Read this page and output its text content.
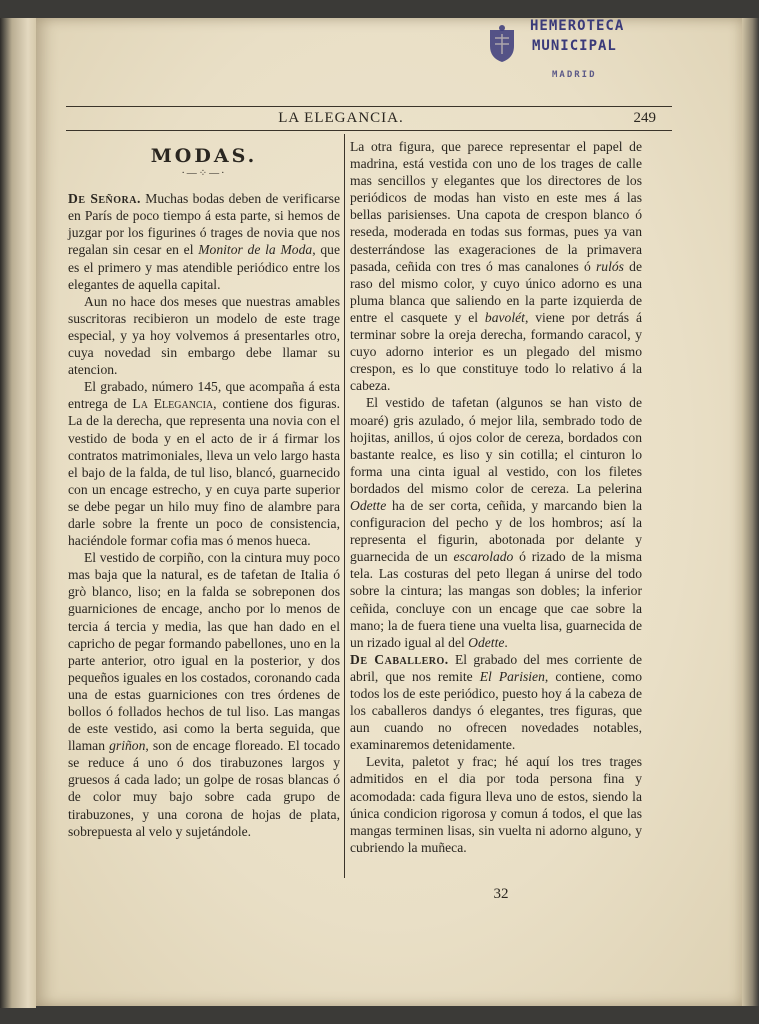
HEMEROTECA
MUNICIPAL
MADRID
LA ELEGANCIA.	249
MODAS.
·—⁘—·

De Señora. Muchas bodas deben de verificarse en París de poco tiempo á esta parte, si hemos de juzgar por los figurines ó trages de novia que nos regalan sin cesar en el Monitor de la Moda, que es el primero y mas atendible periódico entre los elegantes de aquella capital.

Aun no hace dos meses que nuestras amables suscritoras recibieron un modelo de este trage especial, y ya hoy volvemos á presentarles otro, cuya novedad sin embargo debe llamar su atencion.

El grabado, número 145, que acompaña á esta entrega de La Elegancia, contiene dos figuras. La de la derecha, que representa una novia con el vestido de boda y en el acto de ir á firmar los contratos matrimoniales, lleva un velo largo hasta el bajo de la falda, de tul liso, blancó, guarnecido con un encage estrecho, y en cuya parte superior se debe pegar un hilo muy fino de alambre para darle sobre la frente un poco de consistencia, haciéndole formar cofia mas ó menos hueca.

El vestido de corpiño, con la cintura muy poco mas baja que la natural, es de tafetan de Italia ó grò blanco, liso; en la falda se sobreponen dos guarniciones de encage, ancho por lo menos de tercia á tercia y media, las que han dado en el capricho de pegar formando pabellones, uno en la parte anterior, otro igual en la posterior, y dos pequeños iguales en los costados, coronando cada una de estas guarniciones con tres órdenes de bollos ó follados hechos de tul liso. Las mangas de este vestido, asi como la berta seguida, que llaman griñon, son de encage floreado. El tocado se reduce á uno ó dos tirabuzones largos y gruesos á cada lado; un golpe de rosas blancas ó de color muy bajo sobre cada grupo de tirabuzones, y una corona de hojas de plata, sobrepuesta al velo y sujetándole.

La otra figura, que parece representar el papel de madrina, está vestida con uno de los trages de calle mas sencillos y elegantes que los directores de los periódicos de modas han visto en este mes á las bellas parisienses. Una capota de crespon blanco ó reseda, moderada en todas sus formas, pues ya van desterrándose las exageraciones de la primavera pasada, ceñida con tres ó mas canalones ó rulós de raso del mismo color, y cuyo único adorno es una pluma blanca que saliendo en la parte izquierda de entre el casquete y el bavolét, viene por detrás á terminar sobre la oreja derecha, formando caracol, y cuyo adorno interior es un plegado del mismo crespon, es lo que constituye todo lo relativo á la cabeza.

El vestido de tafetan (algunos se han visto de moaré) gris azulado, ó mejor lila, sembrado todo de hojitas, anillos, ú ojos color de cereza, bordados con bastante realce, es liso y sin cotilla; el cinturon lo forma una cinta igual al vestido, con los filetes bordados del mismo color de cereza. La pelerina Odette ha de ser corta, ceñida, y marcando bien la configuracion del pecho y de los hombros; así la representa el figurin, abotonada por delante y guarnecida de un escarolado ó rizado de la misma tela. Las costuras del peto llegan á unirse del todo sobre la cintura; las mangas son dobles; la inferior ceñida, concluye con un encage que cae sobre la mano; la de fuera tiene una vuelta lisa, guarnecida de un rizado igual al del Odette.

De Caballero. El grabado del mes corriente de abril, que nos remite El Parisien, contiene, como todos los de este periódico, puesto hoy á la cabeza de los caballeros dandys ó elegantes, tres figuras, que aun cuando no ofrecen novedades notables, examinaremos detenidamente.

Levita, paletot y frac; hé aquí los tres trages admitidos en el dia por toda persona fina y acomodada: cada figura lleva uno de estos, siendo la única condicion rigorosa y comun á todos, el que las mangas terminen lisas, sin vuelta ni adorno alguno, y cubriendo la muñeca.

32
